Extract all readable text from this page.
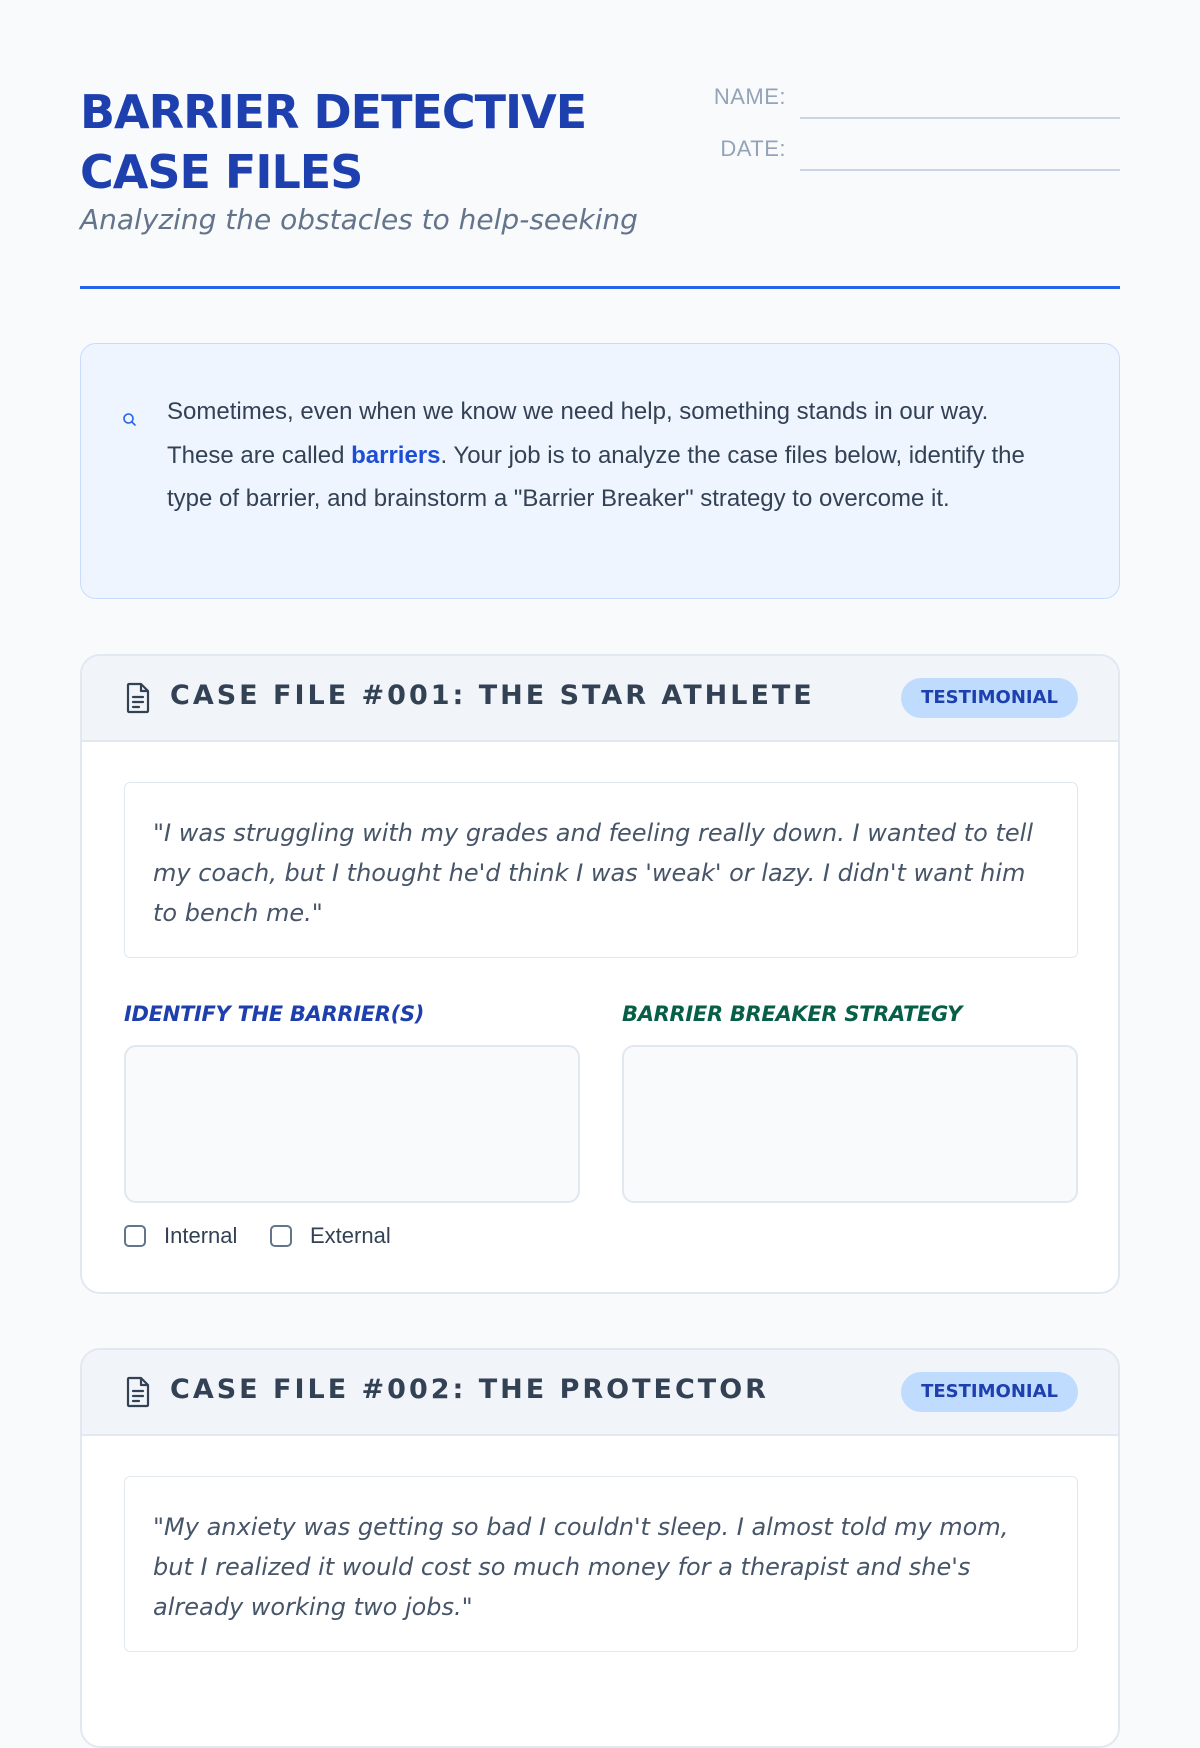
BARRIER DETECTIVE CASE FILES
Analyzing the obstacles to help-seeking
NAME:
DATE:

Sometimes, even when we know we need help, something stands in our way. These are called barriers. Your job is to analyze the case files below, identify the type of barrier, and brainstorm a "Barrier Breaker" strategy to overcome it.

CASE FILE #001: THE STAR ATHLETE	TESTIMONIAL
"I was struggling with my grades and feeling really down. I wanted to tell my coach, but I thought he'd think I was 'weak' or lazy. I didn't want him to bench me."
IDENTIFY THE BARRIER(S)	BARRIER BREAKER STRATEGY
Internal	External
CASE FILE #002: THE PROTECTOR	TESTIMONIAL
"My anxiety was getting so bad I couldn't sleep. I almost told my mom, but I realized it would cost so much money for a therapist and she's already working two jobs."
